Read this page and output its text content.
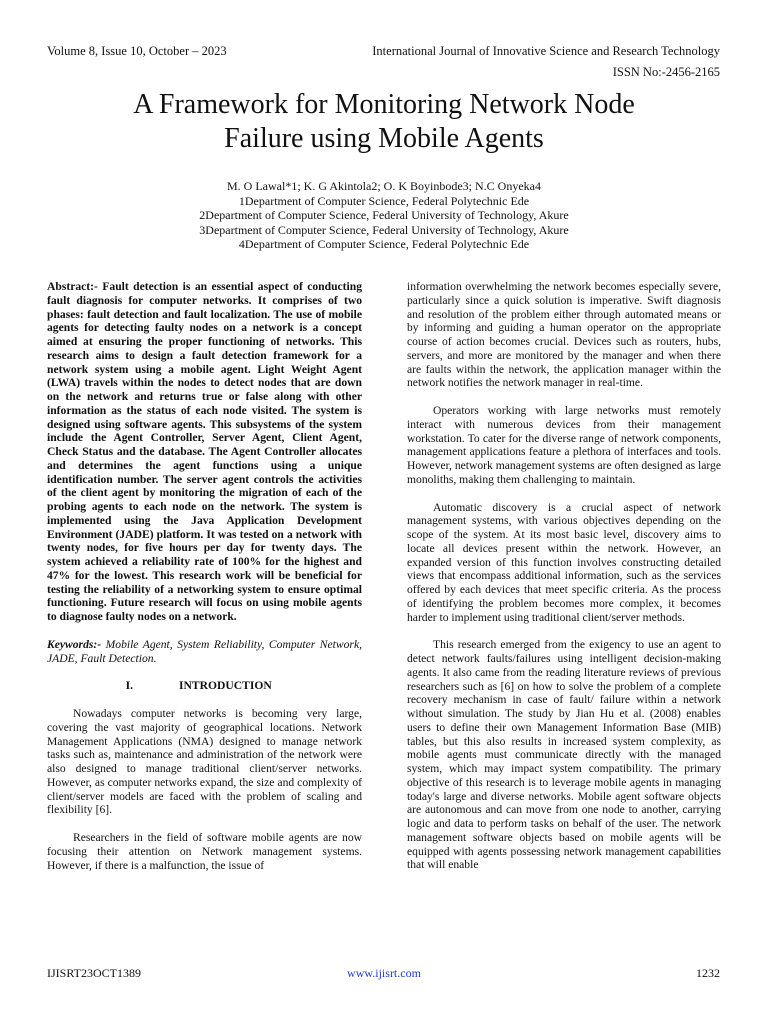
Volume 8, Issue 10, October – 2023	International Journal of Innovative Science and Research Technology
ISSN No:-2456-2165
A Framework for Monitoring Network Node
Failure using Mobile Agents
M. O Lawal*1; K. G Akintola2; O. K Boyinbode3; N.C Onyeka4
1Department of Computer Science, Federal Polytechnic Ede
2Department of Computer Science, Federal University of Technology, Akure
3Department of Computer Science, Federal University of Technology, Akure
4Department of Computer Science, Federal Polytechnic Ede

Abstract:- Fault detection is an essential aspect of conducting fault diagnosis for computer networks. It comprises of two phases: fault detection and fault localization. The use of mobile agents for detecting faulty nodes on a network is a concept aimed at ensuring the proper functioning of networks. This research aims to design a fault detection framework for a network system using a mobile agent. Light Weight Agent (LWA) travels within the nodes to detect nodes that are down on the network and returns true or false along with other information as the status of each node visited. The system is designed using software agents. This subsystems of the system include the Agent Controller, Server Agent, Client Agent, Check Status and the database. The Agent Controller allocates and determines the agent functions using a unique identification number. The server agent controls the activities of the client agent by monitoring the migration of each of the probing agents to each node on the network. The system is implemented using the Java Application Development Environment (JADE) platform. It was tested on a network with twenty nodes, for five hours per day for twenty days. The system achieved a reliability rate of 100% for the highest and 47% for the lowest. This research work will be beneficial for testing the reliability of a networking system to ensure optimal functioning. Future research will focus on using mobile agents to diagnose faulty nodes on a network.

Keywords:- Mobile Agent, System Reliability, Computer Network, JADE, Fault Detection.

I.	INTRODUCTION

Nowadays computer networks is becoming very large, covering the vast majority of geographical locations. Network Management Applications (NMA) designed to manage network tasks such as, maintenance and administration of the network were also designed to manage traditional client/server networks. However, as computer networks expand, the size and complexity of client/server models are faced with the problem of scaling and flexibility [6].

Researchers in the field of software mobile agents are now focusing their attention on Network management systems. However, if there is a malfunction, the issue of

information overwhelming the network becomes especially severe, particularly since a quick solution is imperative. Swift diagnosis and resolution of the problem either through automated means or by informing and guiding a human operator on the appropriate course of action becomes crucial. Devices such as routers, hubs, servers, and more are monitored by the manager and when there are faults within the network, the application manager within the network notifies the network manager in real-time.

Operators working with large networks must remotely interact with numerous devices from their management workstation. To cater for the diverse range of network components, management applications feature a plethora of interfaces and tools. However, network management systems are often designed as large monoliths, making them challenging to maintain.

Automatic discovery is a crucial aspect of network management systems, with various objectives depending on the scope of the system. At its most basic level, discovery aims to locate all devices present within the network. However, an expanded version of this function involves constructing detailed views that encompass additional information, such as the services offered by each devices that meet specific criteria. As the process of identifying the problem becomes more complex, it becomes harder to implement using traditional client/server methods.

This research emerged from the exigency to use an agent to detect network faults/failures using intelligent decision-making agents. It also came from the reading literature reviews of previous researchers such as [6] on how to solve the problem of a complete recovery mechanism in case of fault/ failure within a network without simulation. The study by Jian Hu et al. (2008) enables users to define their own Management Information Base (MIB) tables, but this also results in increased system complexity, as mobile agents must communicate directly with the managed system, which may impact system compatibility. The primary objective of this research is to leverage mobile agents in managing today's large and diverse networks. Mobile agent software objects are autonomous and can move from one node to another, carrying logic and data to perform tasks on behalf of the user. The network management software objects based on mobile agents will be equipped with agents possessing network management capabilities that will enable

IJISRT23OCT1389	www.ijisrt.com	1232
